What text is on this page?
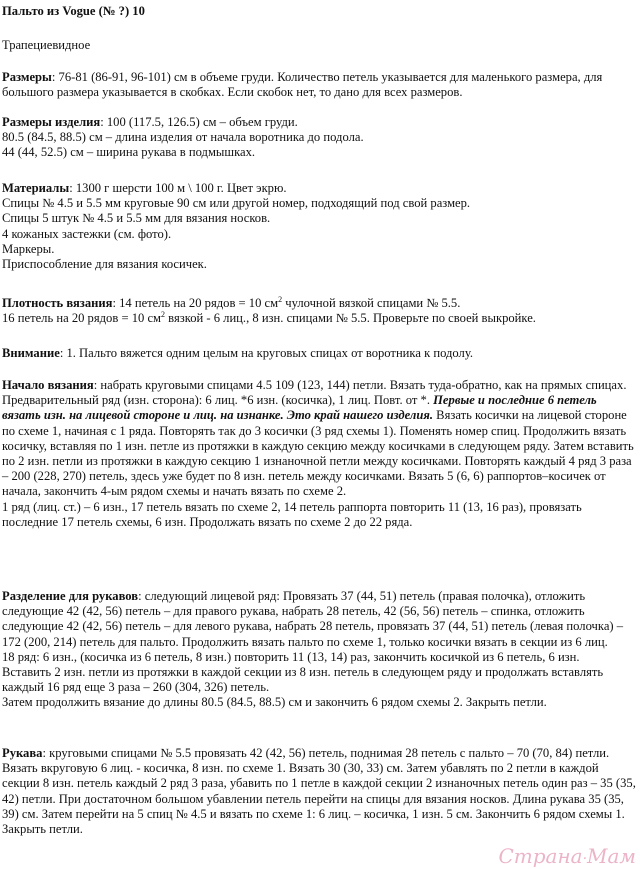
Пальто из Vogue (№ ?) 10
Трапециевидное
Размеры: 76-81 (86-91, 96-101) см в объеме груди. Количество петель указывается для маленького размера, для большого размера указывается в скобках. Если скобок нет, то дано для всех размеров.
Размеры изделия: 100 (117.5, 126.5) см – объем груди.
80.5 (84.5, 88.5) см – длина изделия от начала воротника до подола.
44 (44, 52.5) см – ширина рукава в подмышках.
Материалы: 1300 г шерсти 100 м \ 100 г. Цвет экрю.
Спицы № 4.5 и 5.5 мм круговые 90 см или другой номер, подходящий под свой размер.
Спицы 5 штук № 4.5 и 5.5 мм для вязания носков.
4 кожаных застежки (см. фото).
Маркеры.
Приспособление для вязания косичек.
Плотность вязания: 14 петель на 20 рядов = 10 $см^2$ чулочной вязкой спицами № 5.5.
16 петель на 20 рядов = 10 $см^2$ вязкой - 6 лиц., 8 изн. спицами № 5.5. Проверьте по своей выкройке.
Внимание: 1. Пальто вяжется одним целым на круговых спицах от воротника к подолу.
Начало вязания: набрать круговыми спицами 4.5 109 (123, 144) петли. Вязать туда-обратно, как на прямых спицах.
Предварительный ряд (изн. сторона): 6 лиц. *6 изн. (косичка), 1 лиц. Повт. от *. Первые и последние 6 петель вязать изн. на лицевой стороне и лиц. на изнанке. Это край нашего изделия. Вязать косички на лицевой стороне по схеме 1, начиная с 1 ряда. Повторять так до 3 косички (3 ряд схемы 1). Поменять номер спиц. Продолжить вязать косичку, вставляя по 1 изн. петле из протяжки в каждую секцию между косичками в следующем ряду. Затем вставить по 2 изн. петли из протяжки в каждую секцию 1 изнаночной петли между косичками. Повторять каждый 4 ряд 3 раза – 200 (228, 270) петель, здесь уже будет по 8 изн. петель между косичками. Вязать 5 (6, 6) раппортов–косичек от начала, закончить 4-ым рядом схемы и начать вязать по схеме 2.
1 ряд (лиц. ст.) – 6 изн., 17 петель вязать по схеме 2, 14 петель раппорта повторить 11 (13, 16 раз), провязать последние 17 петель схемы, 6 изн. Продолжать вязать по схеме 2 до 22 ряда.
Разделение для рукавов: следующий лицевой ряд: Провязать 37 (44, 51) петель (правая полочка), отложить следующие 42 (42, 56) петель – для правого рукава, набрать 28 петель, 42 (56, 56) петель – спинка, отложить следующие 42 (42, 56) петель – для левого рукава, набрать 28 петель, провязать 37 (44, 51) петель (левая полочка) – 172 (200, 214) петель для пальто. Продолжить вязать пальто по схеме 1, только косички вязать в секции из 6 лиц.
18 ряд: 6 изн., (косичка из 6 петель, 8 изн.) повторить 11 (13, 14) раз, закончить косичкой из 6 петель, 6 изн.
Вставить 2 изн. петли из протяжки в каждой секции из 8 изн. петель в следующем ряду и продолжать вставлять каждый 16 ряд еще 3 раза – 260 (304, 326) петель.
Затем продолжить вязание до длины 80.5 (84.5, 88.5) см и закончить 6 рядом схемы 2. Закрыть петли.
Рукава: круговыми спицами № 5.5 провязать 42 (42, 56) петель, поднимая 28 петель с пальто – 70 (70, 84) петли. Вязать вкруговую 6 лиц. - косичка, 8 изн. по схеме 1. Вязать 30 (30, 33) см. Затем убавлять по 2 петли в каждой секции 8 изн. петель каждый 2 ряд 3 раза, убавить по 1 петле в каждой секции 2 изнаночных петель один раз – 35 (35, 42) петли. При достаточном большом убавлении петель перейти на спицы для вязания носков. Длина рукава 35 (35, 39) см. Затем перейти на 5 спиц № 4.5 и вязать по схеме 1: 6 лиц. – косичка, 1 изн. 5 см. Закончить 6 рядом схемы 1. Закрыть петли.
Страна·Мам
